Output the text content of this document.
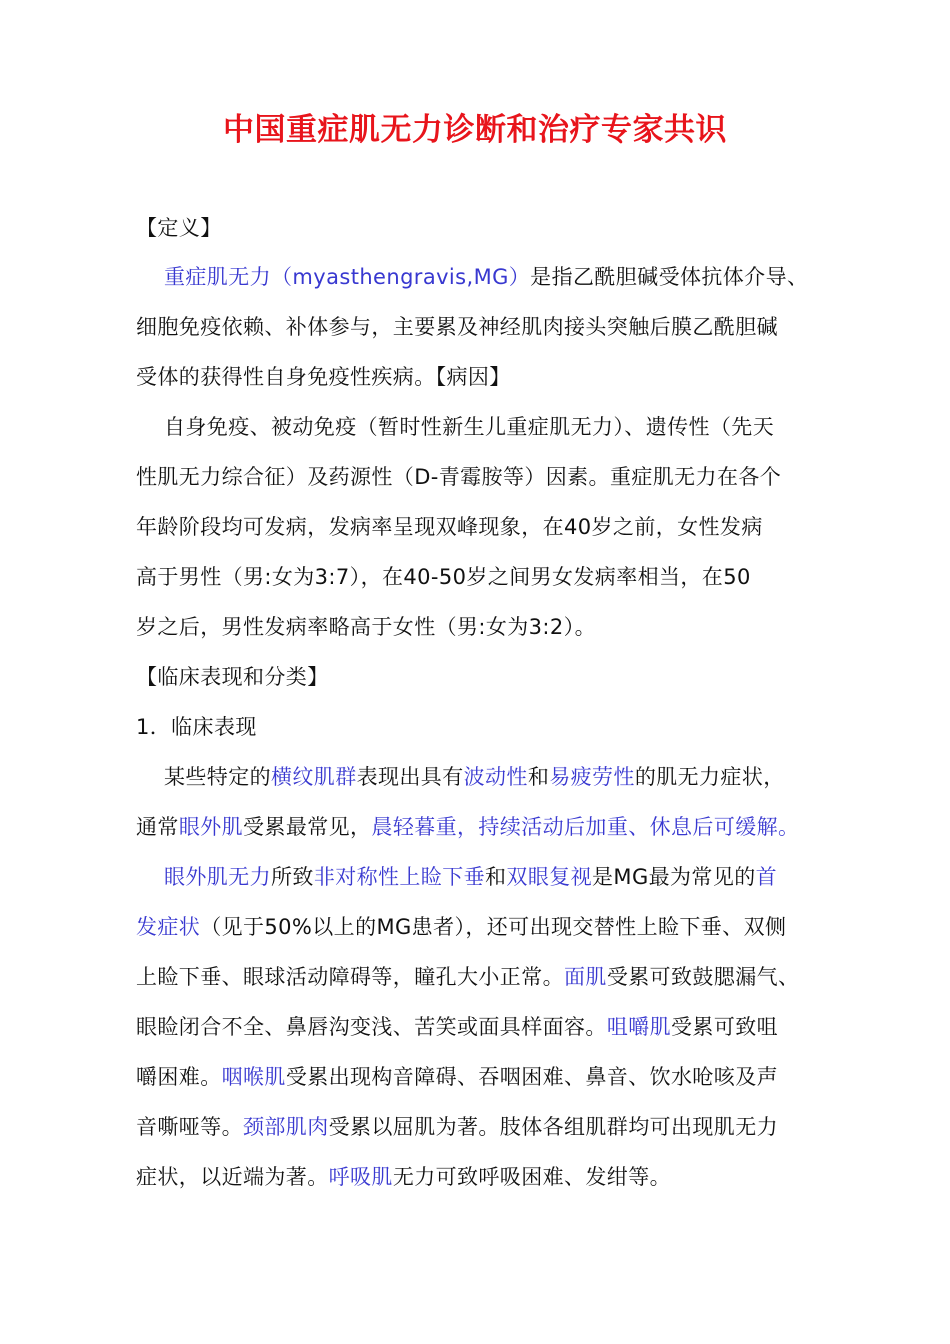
中国重症肌无力诊断和治疗专家共识
【定义】
重症肌无力（myasthengravis,MG）是指乙酰胆碱受体抗体介导、
细胞免疫依赖、补体参与，主要累及神经肌肉接头突触后膜乙酰胆碱
受体的获得性自身免疫性疾病。【病因】
自身免疫、被动免疫（暂时性新生儿重症肌无力）、遗传性（先天
性肌无力综合征）及药源性（D-青霉胺等）因素。重症肌无力在各个
年龄阶段均可发病，发病率呈现双峰现象，在40岁之前，女性发病
高于男性（男:女为3:7），在40-50岁之间男女发病率相当，在50
岁之后，男性发病率略高于女性（男:女为3:2）。
【临床表现和分类】
1．临床表现
某些特定的横纹肌群表现出具有波动性和易疲劳性的肌无力症状，
通常眼外肌受累最常见，晨轻暮重，持续活动后加重、休息后可缓解。
眼外肌无力所致非对称性上睑下垂和双眼复视是MG最为常见的首
发症状（见于50%以上的MG患者），还可出现交替性上睑下垂、双侧
上睑下垂、眼球活动障碍等，瞳孔大小正常。面肌受累可致鼓腮漏气、
眼睑闭合不全、鼻唇沟变浅、苦笑或面具样面容。咀嚼肌受累可致咀
嚼困难。咽喉肌受累出现构音障碍、吞咽困难、鼻音、饮水呛咳及声
音嘶哑等。颈部肌肉受累以屈肌为著。肢体各组肌群均可出现肌无力
症状，以近端为著。呼吸肌无力可致呼吸困难、发绀等。
